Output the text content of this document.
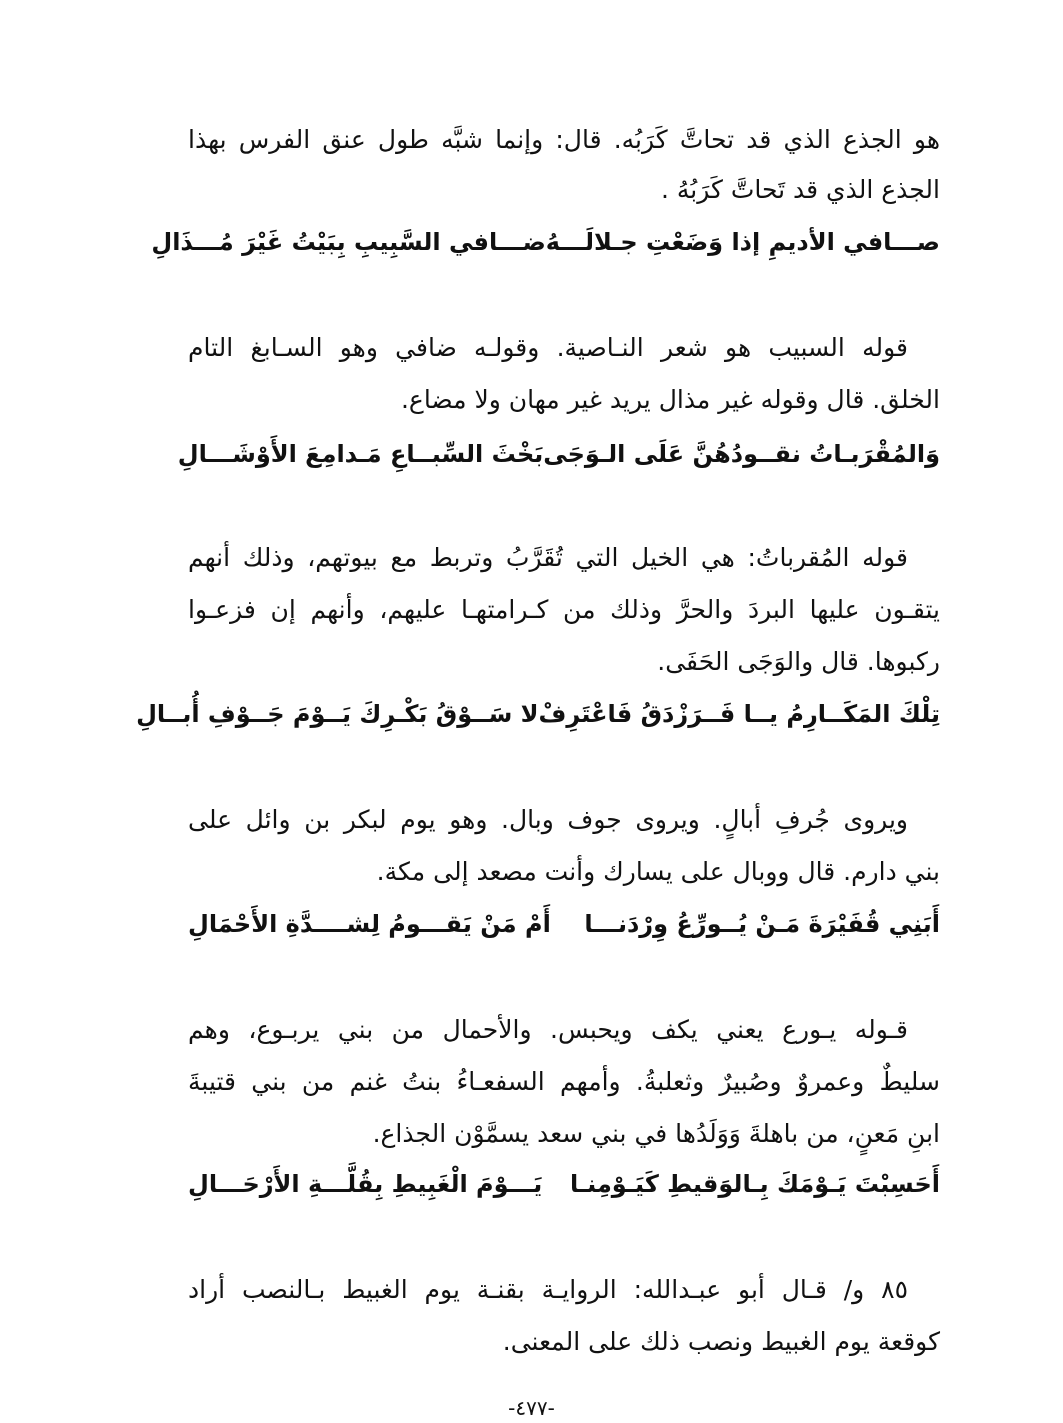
هو الجذع الذي قد تحاتَّ كَرَبُه. قال: وإنما شبَّه طول عنق الفرس بهذا
الجذع الذي قد تَحاتَّ كَرَبُهُ .
صـــافي الأديمِ إذا وَضَعْتِ جـلالَـــهُ
ضـــافي السَّبِيبِ بِبَيْتُ غَيْرَ مُـــذَالِ
قوله السبيب هو شعر النـاصية. وقولـه ضافي وهو السـابغ التام
الخلق. قال وقوله غير مذال يريد غير مهان ولا مضاع.
وَالمُقْرَبـاتُ نقــودُهُنَّ عَلَى الـوَجَى
بَخْثَ السِّبــاعِ مَـدامِعَ الأَوْشَـــالِ
قوله المُقرباتُ: هي الخيل التي تُقَرَّبُ وتربط مع بيوتهم، وذلك أنهم
يتقـون عليها البردَ والحرَّ وذلك من كـرامتهـا عليهم، وأنهم إن فزعـوا
ركبوها. قال والوَجَى الحَفَى.
تِلْكَ المَكَــارِمُ يــا فَــرَزْدَقُ فَاعْتَرِفْ
لا سَــوْقُ بَكْـرِكَ يَــوْمَ جَــوْفِ أُبــالِ
ويروى جُرفِ أبالٍ. ويروى جوف وبال. وهو يوم لبكر بن وائل على
بني دارم. قال ووبال على يسارك وأنت مصعد إلى مكة.
أَبَنِي قُفَيْرَةَ مَـنْ يُــورِّعُ وِرْدَنـــا
أَمْ مَنْ يَقـــومُ لِشــــدَّةِ الأَحْمَالِ
قـوله يـورع يعني يكف ويحبس. والأحمال من بني يربـوع، وهم
سليطٌ وعمروٌ وصُبيرٌ وثعلبةُ. وأمهم السفعـاءُ بنتُ غنم من بني قتيبةَ
ابنِ مَعنٍ، من باهلةَ وَوَلَدُها في بني سعد يسمَّوْن الجذاع.
أَحَسِبْتَ يَـوْمَكَ بِـالوَقيطِ كَيَـوْمِنـا
يَـــوْمَ الْغَبِيطِ بِقُلَّـــةِ الأَرْحَـــالِ
٨٥ و/ قـال أبو عبـدالله: الروايـة بقنـة يوم الغبيط بـالنصب أراد
كوقعة يوم الغبيط ونصب ذلك على المعنى.
-٤٧٧-
